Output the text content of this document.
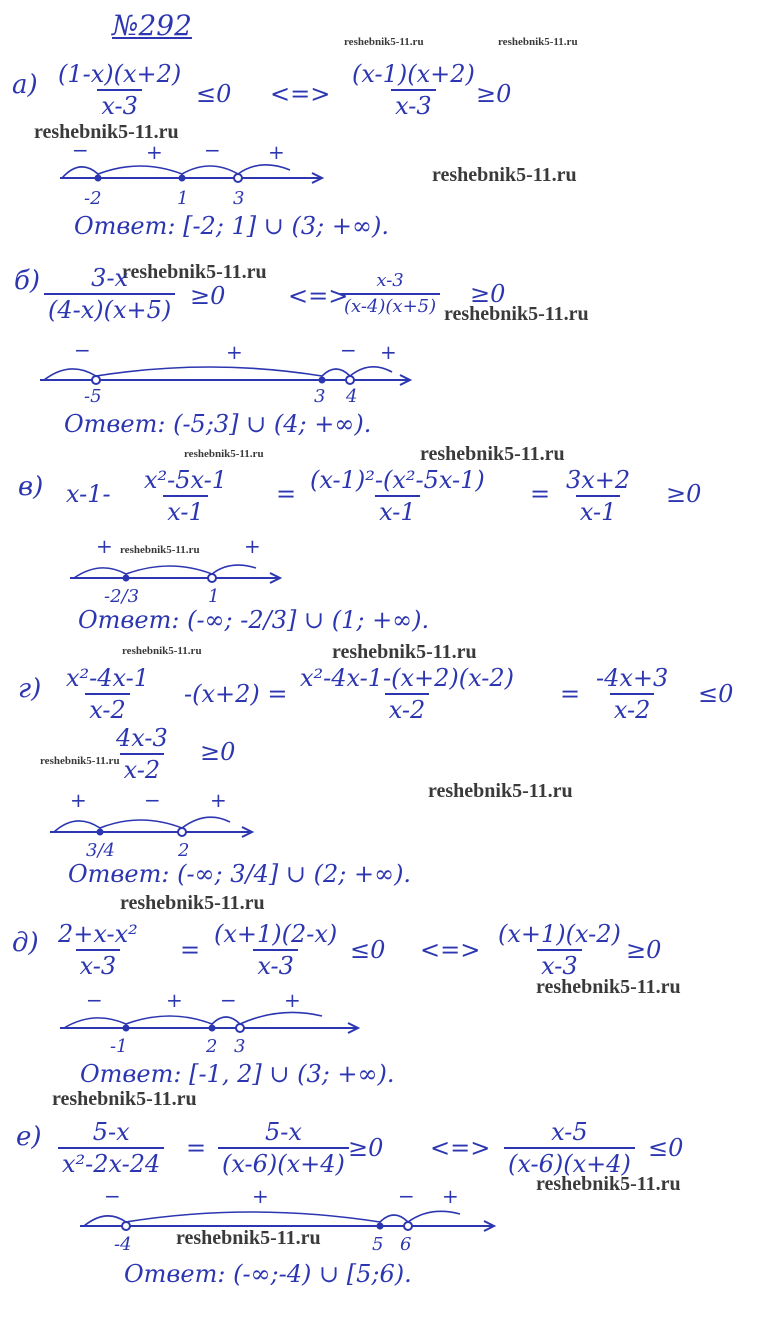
№292	reshebnik5-11.ru	reshebnik5-11.ru
reshebnik5-11.ru
reshebnik5-11.ru
reshebnik5-11.ru
reshebnik5-11.ru
reshebnik5-11.ru	reshebnik5-11.ru
reshebnik5-11.ru
reshebnik5-11.ru	reshebnik5-11.ru
reshebnik5-11.ru
reshebnik5-11.ru
reshebnik5-11.ru
reshebnik5-11.ru
reshebnik5-11.ru
reshebnik5-11.ru
reshebnik5-11.ru
$а) \frac{(1-x)(x+2)}{x-3} \le 0$ <=> $\frac{(x-1)(x+2)}{x-3}$
≥0
−	+ − +
-2	1 3
Ответ: [-2; 1] ∪ (3; +∞).
$б) \frac{3-x}{(4-x)(x+5)} \ge 0$	<=>
$\frac{x-3}{(x-4)(x+5)} \ge 0$
−	+	− +
-5	3 4
Ответ: (-5;3] ∪ (4; +∞).
в) $x-1- \frac{\text{x²-5x-1}}{x-1} = \frac{\text{(x-1)²-(x²-5x-1)}}{x-1} = \frac{3x+2}{x-1} \ge 0$
+	+
-2/3	1
Ответ: (-∞; -2/3] ∪ (1; +∞).
$г) \frac{\text{x²-4x-1}}{x-2} -(x+2) = \frac{\text{x²-4x-1-(x+2)(x-2)}}{x-2} = \frac{-4x+3}{x-2} \le 0$
$\frac{4x-3}{x-2} \ge 0$
+	− +
3/4	2
Ответ: (-∞; 3/4] ∪ (2; +∞).
$д) \frac{\text{2+x-x²}}{x-3} = \frac{(x+1)(2-x)}{x-3} \le 0$ <=> $\frac{(x+1)(x-2)}{x-3} \ge 0$
−	+ − +
-1	2 3
Ответ: [-1, 2] ∪ (3; +∞).
$е) \frac{5-x}{\text{x²-2x-24}} = \frac{5-x}{(x-6)(x+4)} \ge 0$ <=> $\frac{x-5}{(x-6)(x+4)} \le 0$
−	+	− +
-4	5 6
Ответ: (-∞;-4) ∪ [5;6).
